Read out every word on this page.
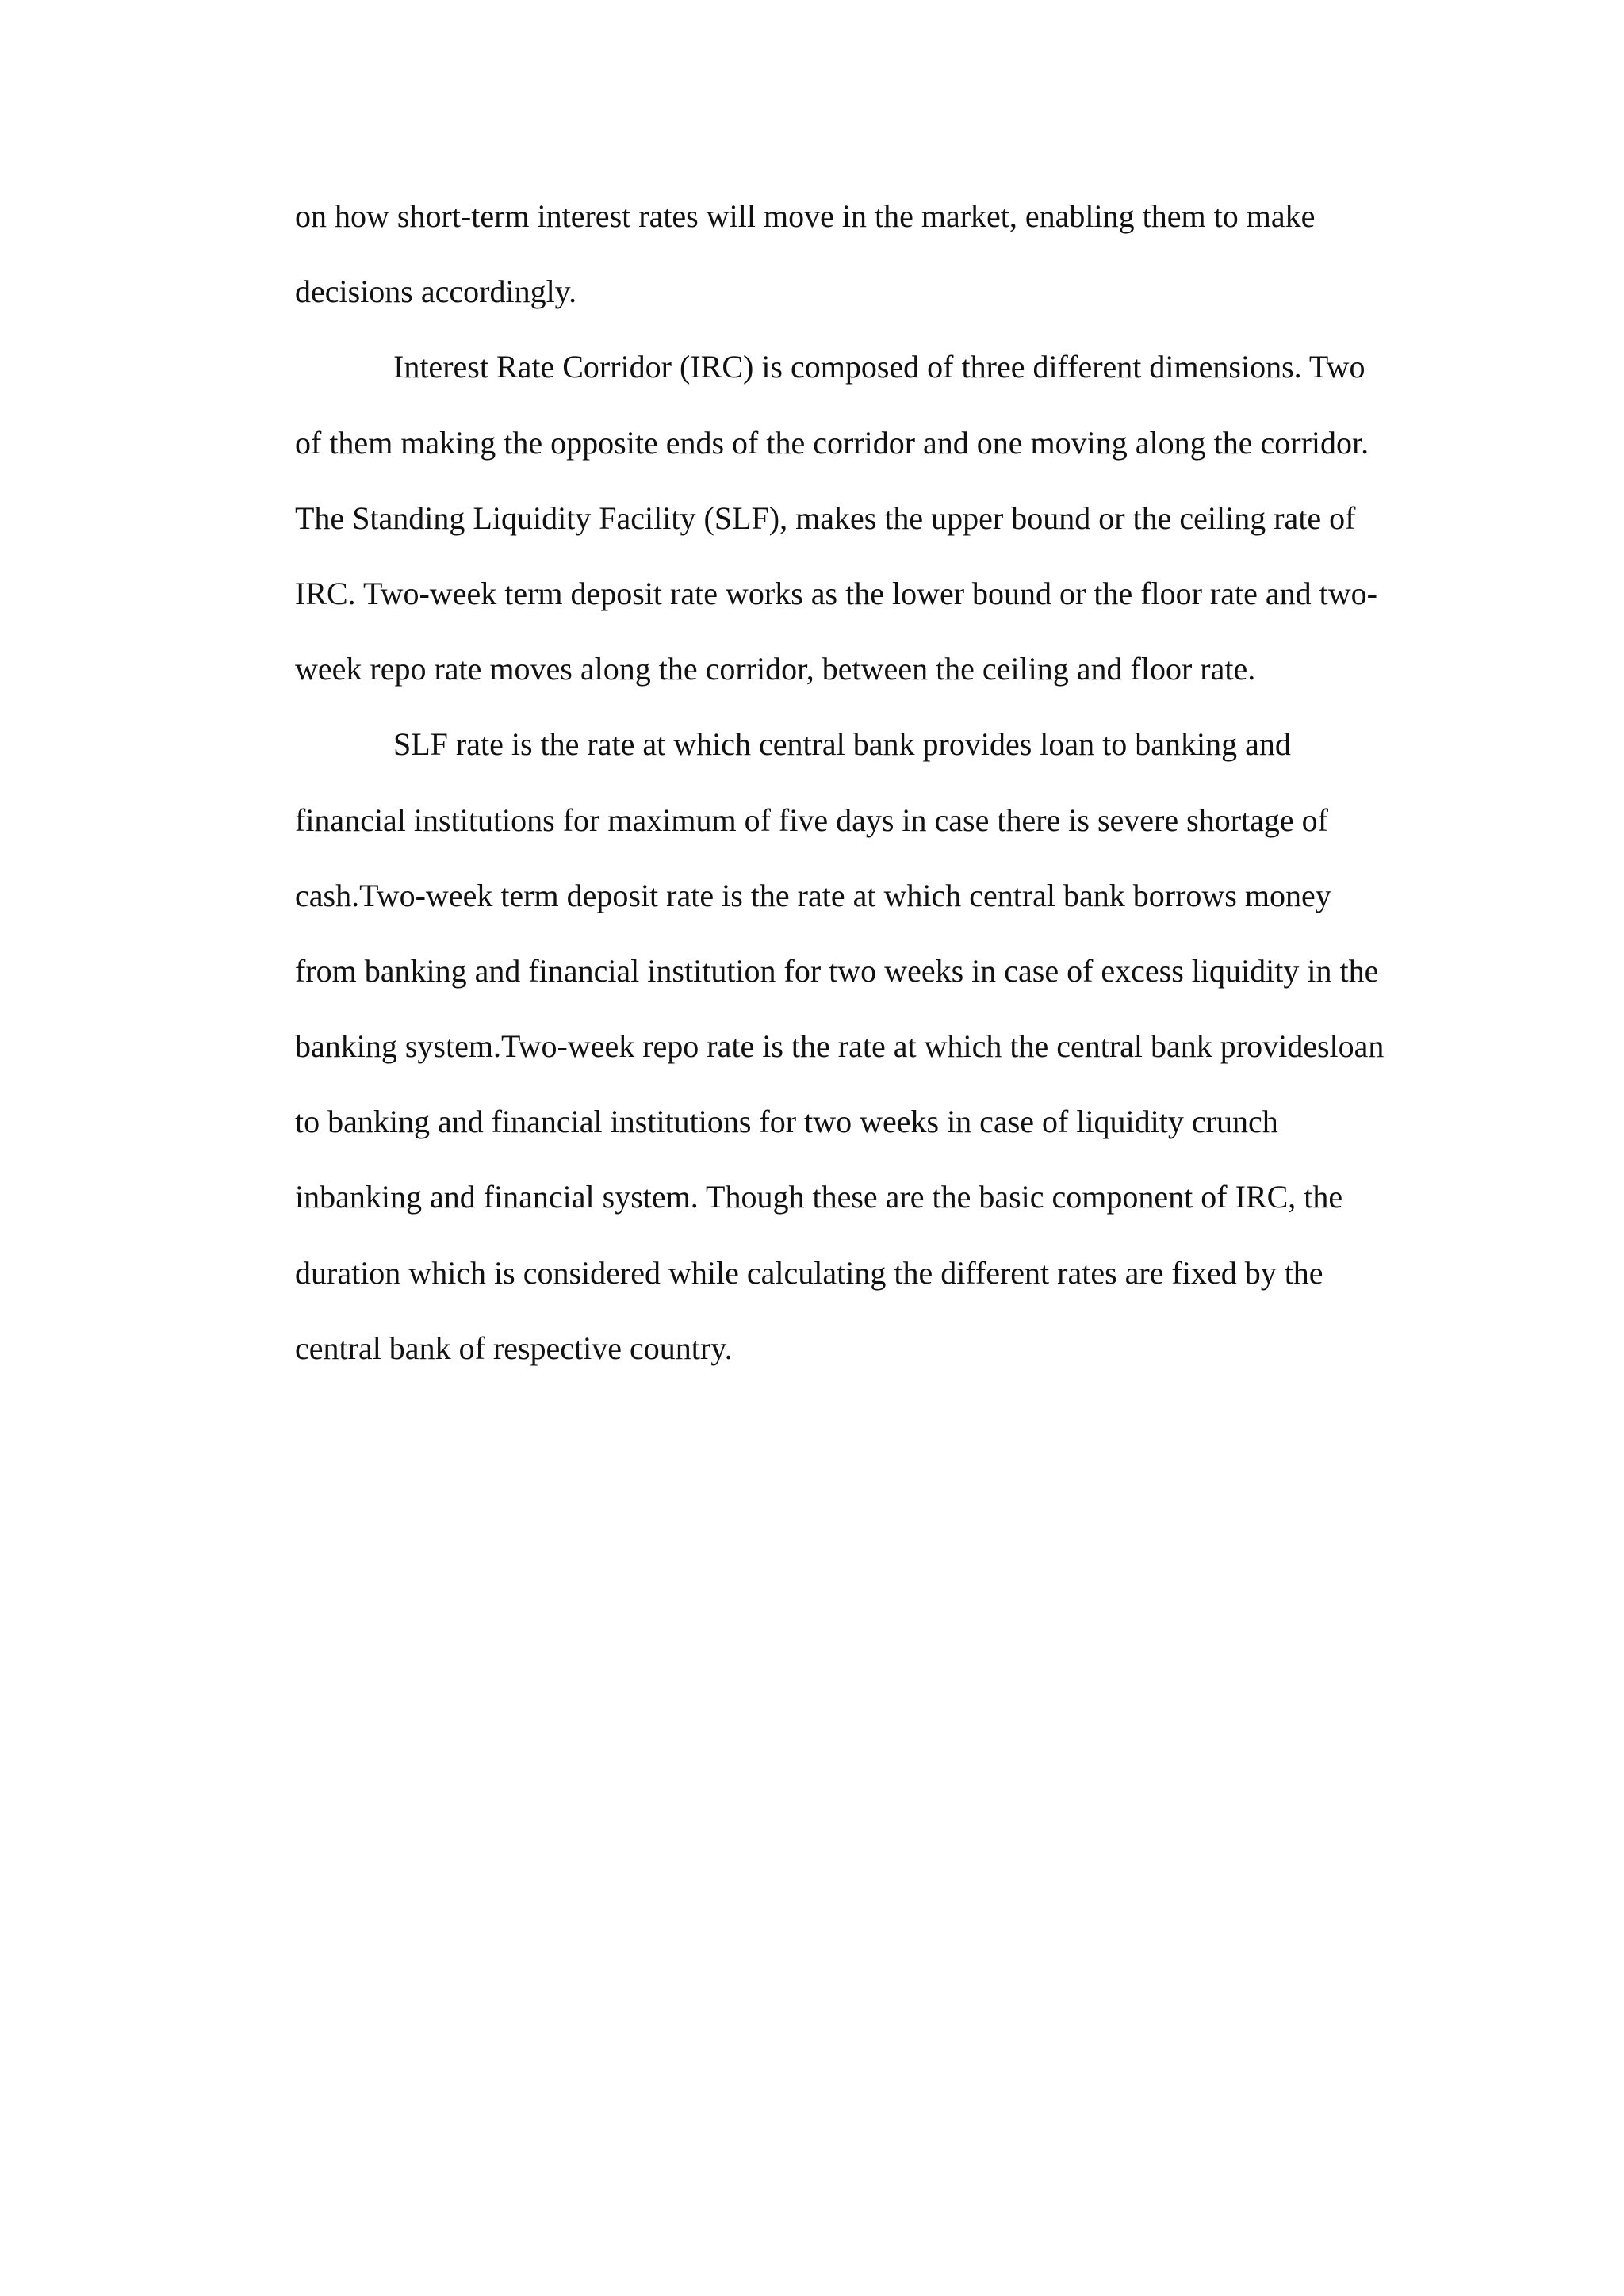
on how short-term interest rates will move in the market, enabling them to make
decisions accordingly.
Interest Rate Corridor (IRC) is composed of three different dimensions. Two
of them making the opposite ends of the corridor and one moving along the corridor.
The Standing Liquidity Facility (SLF), makes the upper bound or the ceiling rate of
IRC. Two-week term deposit rate works as the lower bound or the floor rate and two-
week repo rate moves along the corridor, between the ceiling and floor rate.
SLF rate is the rate at which central bank provides loan to banking and
financial institutions for maximum of five days in case there is severe shortage of
cash.Two-week term deposit rate is the rate at which central bank borrows money
from banking and financial institution for two weeks in case of excess liquidity in the
banking system.Two-week repo rate is the rate at which the central bank providesloan
to banking and financial institutions for two weeks in case of liquidity crunch
inbanking and financial system. Though these are the basic component of IRC, the
duration which is considered while calculating the different rates are fixed by the
central bank of respective country.
